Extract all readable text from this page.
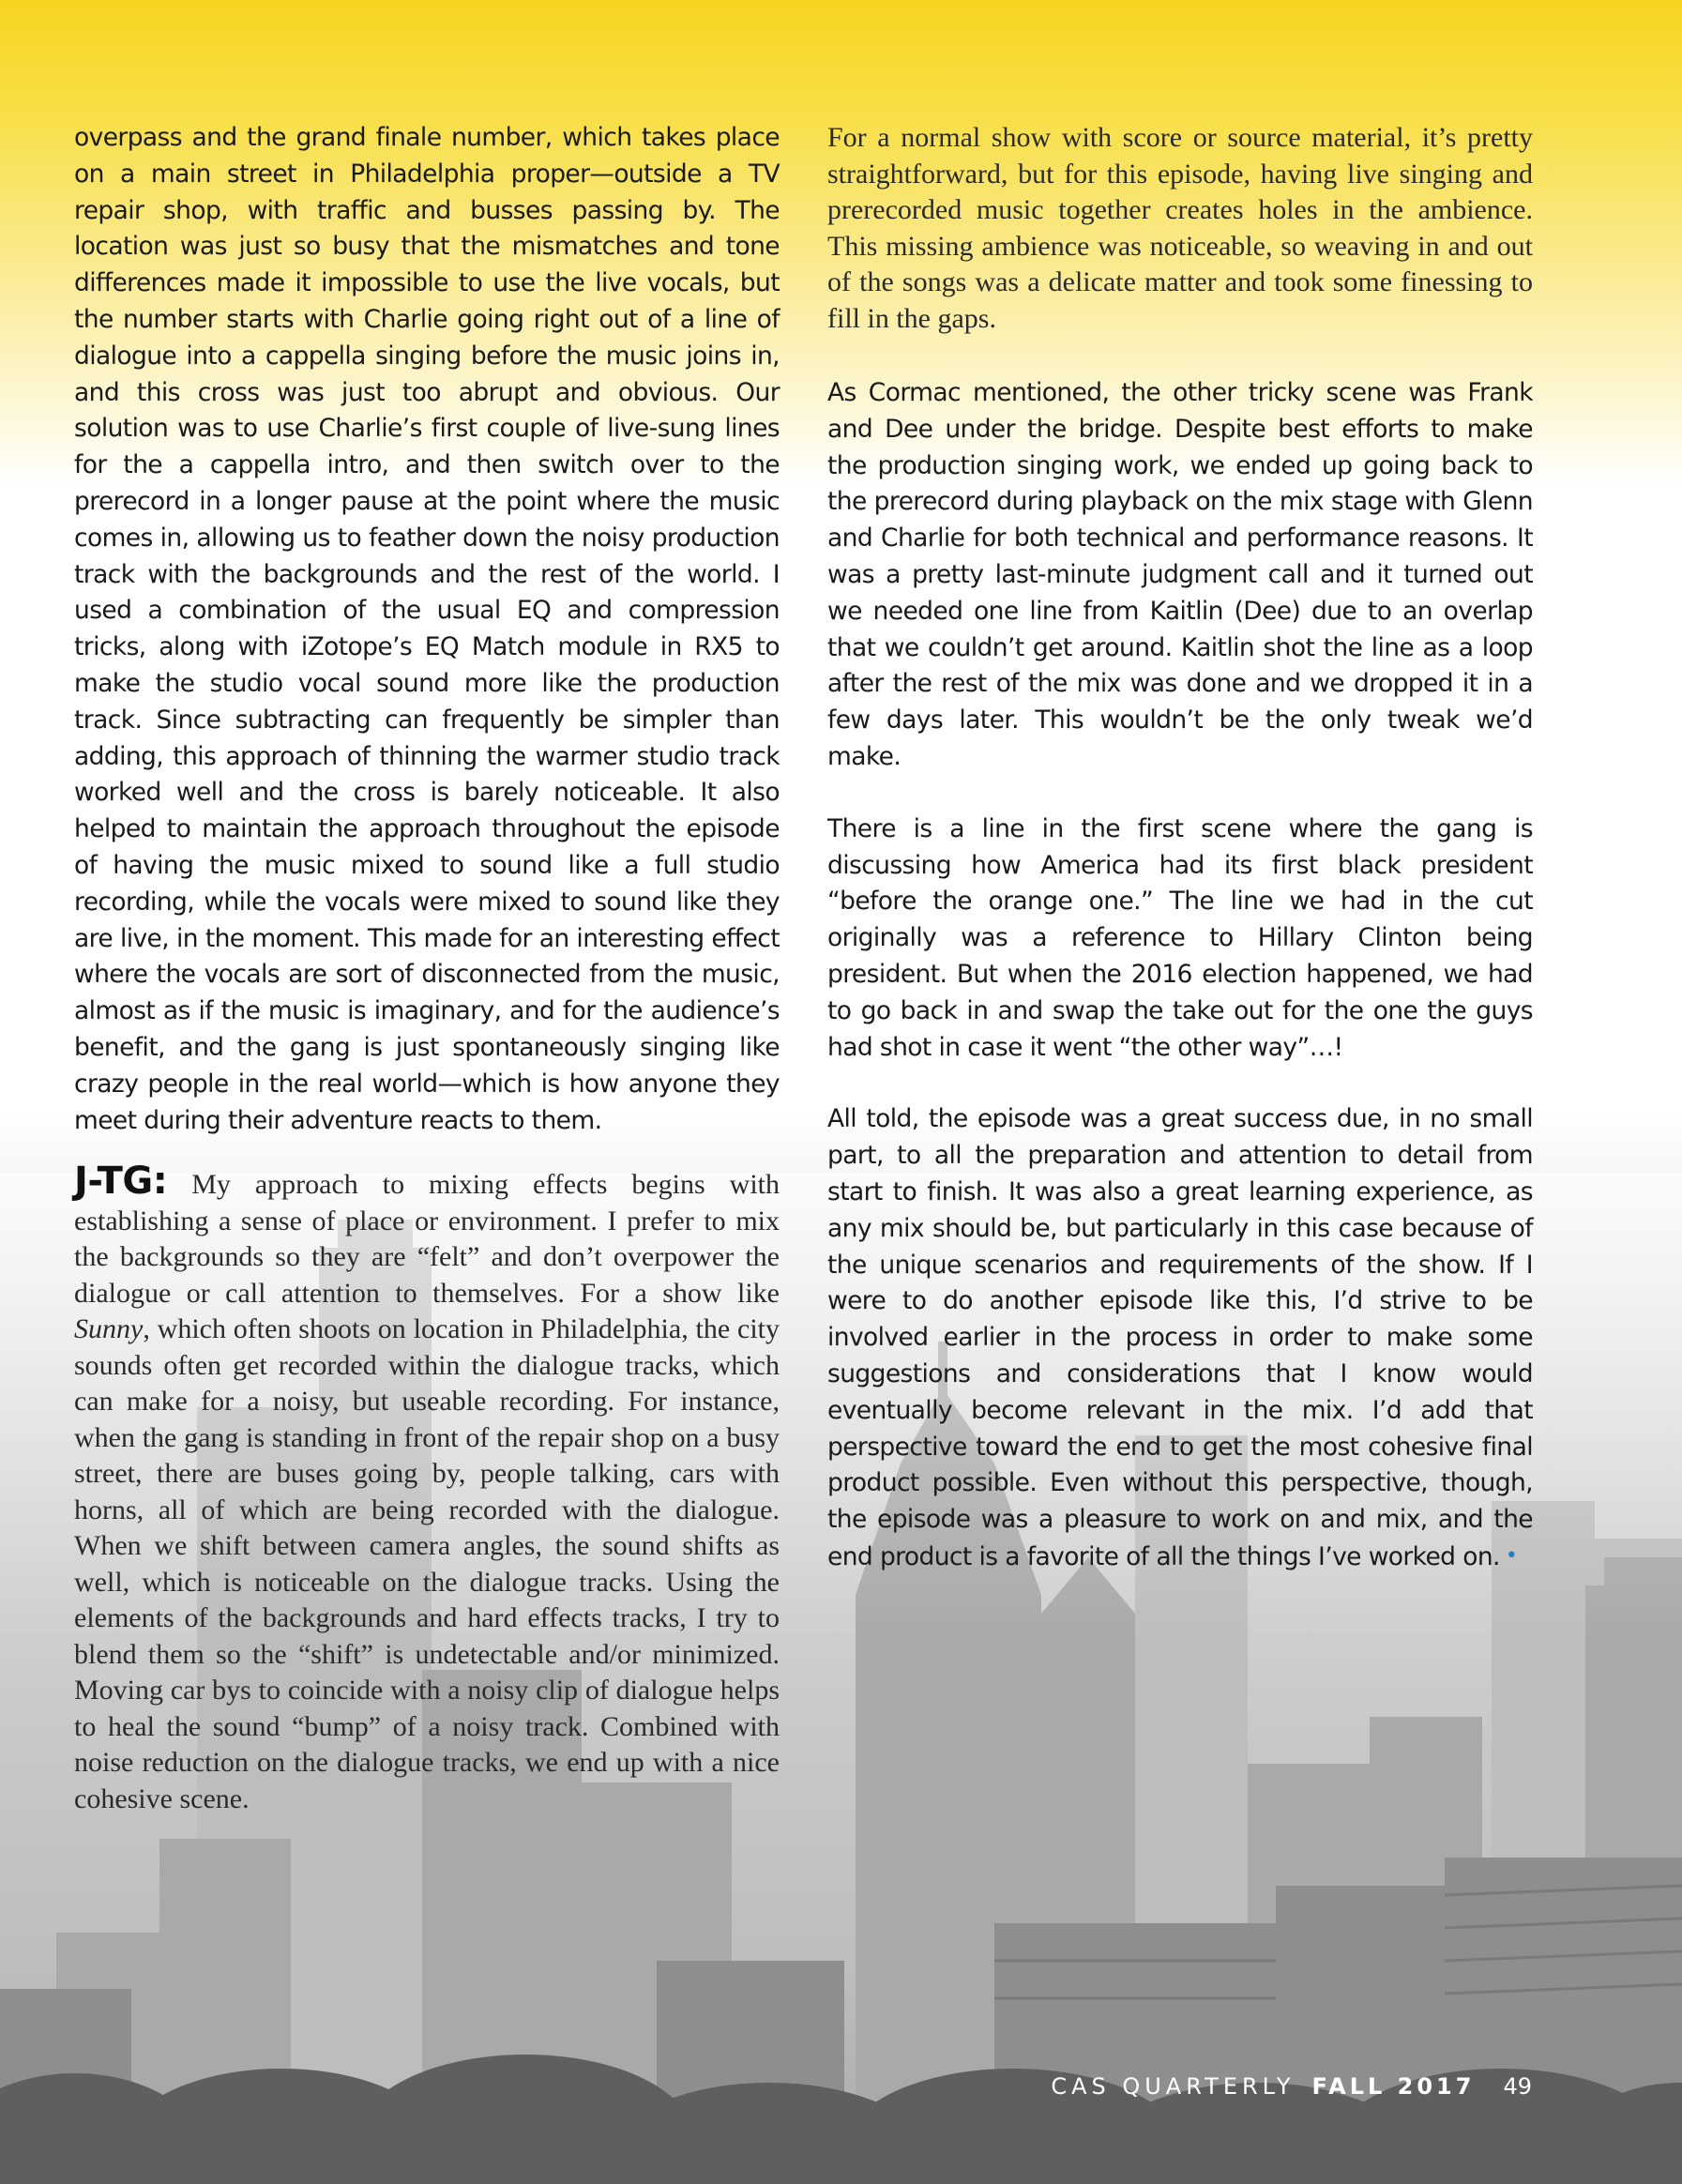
overpass and the grand finale number, which takes place on a main street in Philadelphia proper—outside a TV repair shop, with traffic and busses passing by. The location was just so busy that the mismatches and tone differences made it impossible to use the live vocals, but the number starts with Charlie going right out of a line of dialogue into a cappella singing before the music joins in, and this cross was just too abrupt and obvious. Our solution was to use Charlie’s first couple of live-sung lines for the a cappella intro, and then switch over to the prerecord in a longer pause at the point where the music comes in, allowing us to feather down the noisy production track with the backgrounds and the rest of the world. I used a combination of the usual EQ and compression tricks, along with iZotope’s EQ Match module in RX5 to make the studio vocal sound more like the production track. Since subtracting can frequently be simpler than adding, this approach of thinning the warmer studio track worked well and the cross is barely noticeable. It also helped to maintain the approach throughout the episode of having the music mixed to sound like a full studio recording, while the vocals were mixed to sound like they are live, in the moment. This made for an interesting effect where the vocals are sort of disconnected from the music, almost as if the music is imaginary, and for the audience’s benefit, and the gang is just spontaneously singing like crazy people in the real world—which is how anyone they meet during their adventure reacts to them.

J-TG: My approach to mixing effects begins with establishing a sense of place or environment. I prefer to mix the backgrounds so they are “felt” and don’t overpower the dialogue or call attention to themselves. For a show like Sunny, which often shoots on location in Philadelphia, the city sounds often get recorded within the dialogue tracks, which can make for a noisy, but useable recording. For instance, when the gang is standing in front of the repair shop on a busy street, there are buses going by, people talking, cars with horns, all of which are being recorded with the dialogue. When we shift between camera angles, the sound shifts as well, which is noticeable on the dialogue tracks. Using the elements of the backgrounds and hard effects tracks, I try to blend them so the “shift” is undetectable and/or minimized. Moving car bys to coincide with a noisy clip of dialogue helps to heal the sound “bump” of a noisy track. Combined with noise reduction on the dialogue tracks, we end up with a nice cohesive scene.

For a normal show with score or source material, it’s pretty straightforward, but for this episode, having live singing and prerecorded music together creates holes in the ambience. This missing ambience was noticeable, so weaving in and out of the songs was a delicate matter and took some finessing to fill in the gaps.

As Cormac mentioned, the other tricky scene was Frank and Dee under the bridge. Despite best efforts to make the production singing work, we ended up going back to the prerecord during playback on the mix stage with Glenn and Charlie for both technical and performance reasons. It was a pretty last-minute judgment call and it turned out we needed one line from Kaitlin (Dee) due to an overlap that we couldn’t get around. Kaitlin shot the line as a loop after the rest of the mix was done and we dropped it in a few days later. This wouldn’t be the only tweak we’d make.

There is a line in the first scene where the gang is discussing how America had its first black president “before the orange one.” The line we had in the cut originally was a reference to Hillary Clinton being president. But when the 2016 election happened, we had to go back in and swap the take out for the one the guys had shot in case it went “the other way”…!

All told, the episode was a great success due, in no small part, to all the preparation and attention to detail from start to finish. It was also a great learning experience, as any mix should be, but particularly in this case because of the unique scenarios and requirements of the show. If I were to do another episode like this, I’d strive to be involved earlier in the process in order to make some suggestions and considerations that I know would eventually become relevant in the mix. I’d add that perspective toward the end to get the most cohesive final product possible. Even without this perspective, though, the episode was a pleasure to work on and mix, and the end product is a favorite of all the things I’ve worked on. •

CAS QUARTERLY FALL 2017 49
